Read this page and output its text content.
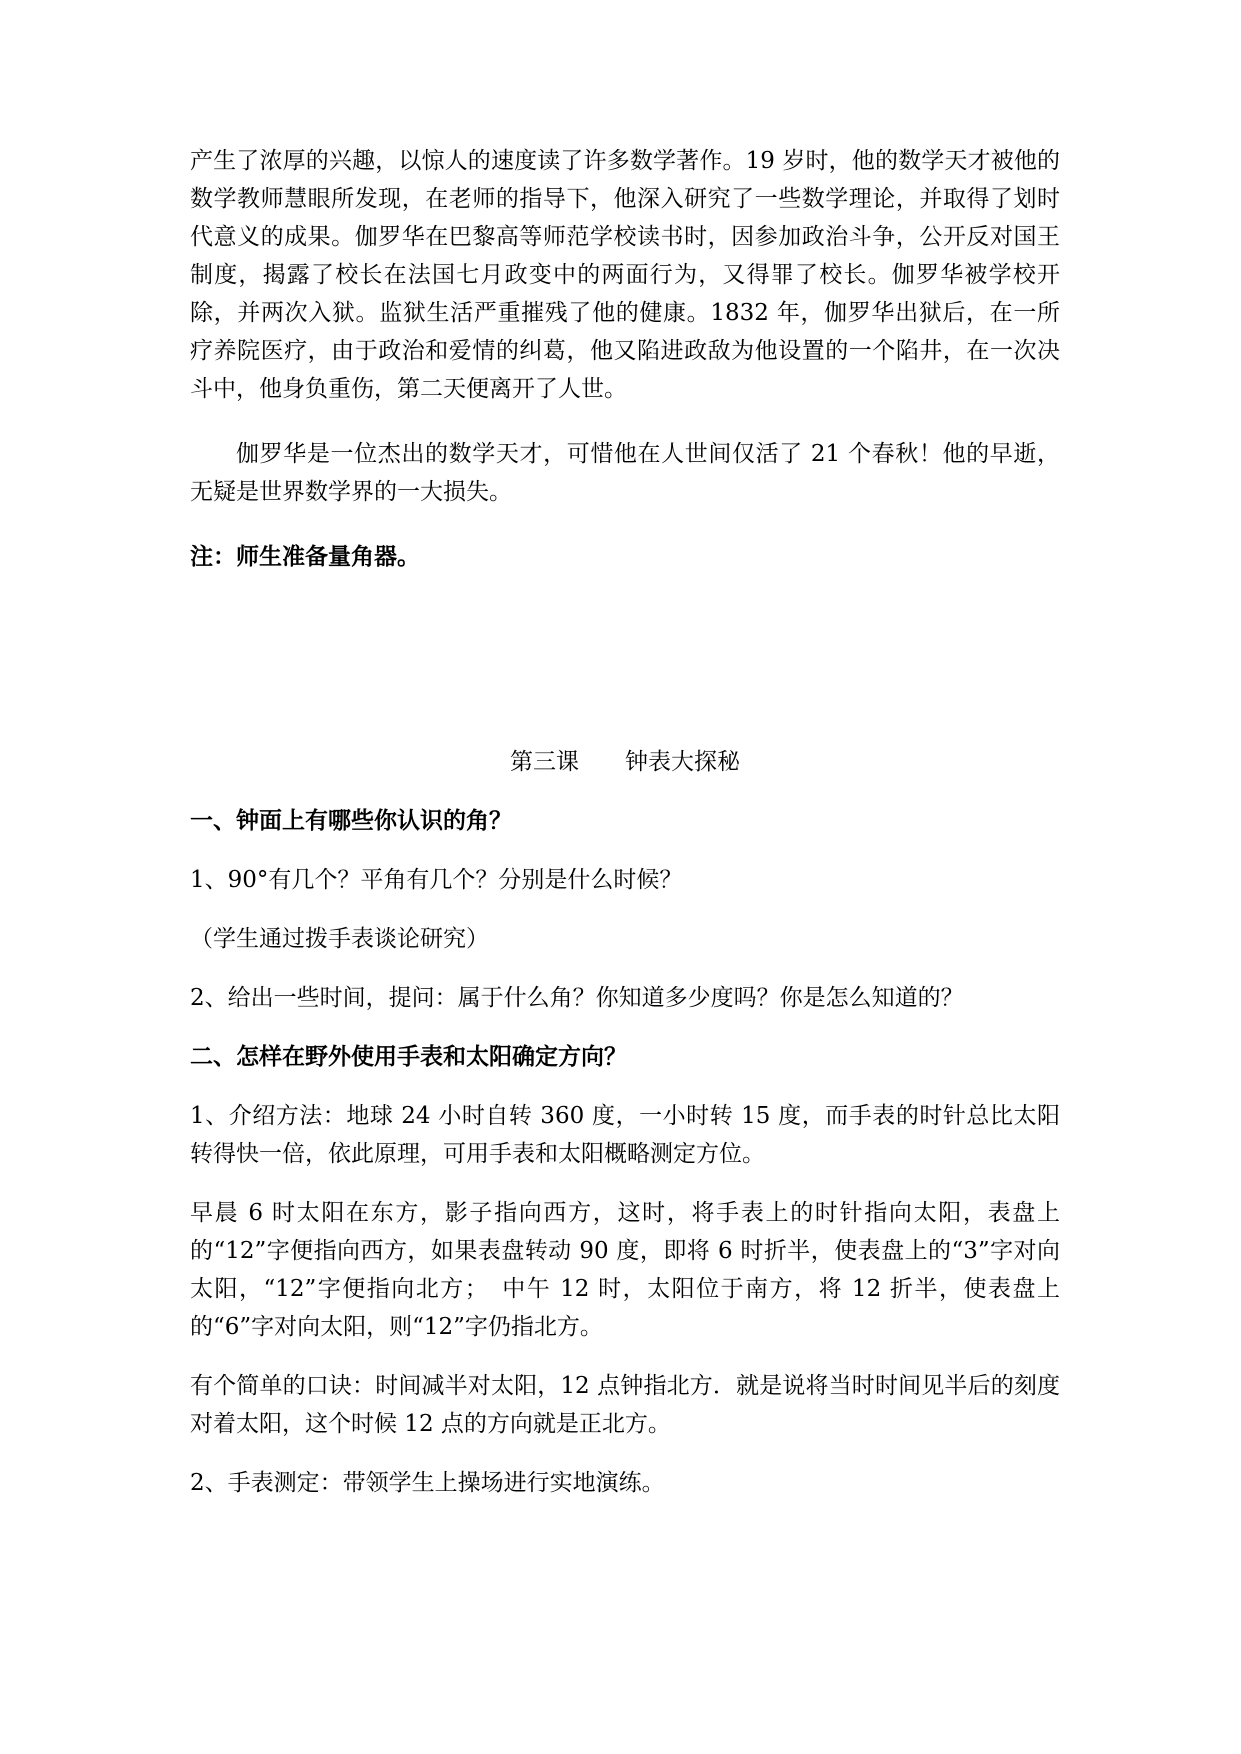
产生了浓厚的兴趣，以惊人的速度读了许多数学著作。19 岁时，他的数学天才被他的数学教师慧眼所发现，在老师的指导下，他深入研究了一些数学理论，并取得了划时代意义的成果。伽罗华在巴黎高等师范学校读书时，因参加政治斗争，公开反对国王制度，揭露了校长在法国七月政变中的两面行为，又得罪了校长。伽罗华被学校开除，并两次入狱。监狱生活严重摧残了他的健康。1832 年，伽罗华出狱后，在一所疗养院医疗，由于政治和爱情的纠葛，他又陷进政敌为他设置的一个陷井，在一次决斗中，他身负重伤，第二天便离开了人世。

伽罗华是一位杰出的数学天才，可惜他在人世间仅活了 21 个春秋！他的早逝，无疑是世界数学界的一大损失。

注：师生准备量角器。

第三课　　钟表大探秘

一、钟面上有哪些你认识的角？

1、90°有几个？平角有几个？分别是什么时候？

（学生通过拨手表谈论研究）

2、给出一些时间，提问：属于什么角？你知道多少度吗？你是怎么知道的？

二、怎样在野外使用手表和太阳确定方向？

1、介绍方法：地球 24 小时自转 360 度，一小时转 15 度，而手表的时针总比太阳转得快一倍，依此原理，可用手表和太阳概略测定方位。

早晨 6 时太阳在东方，影子指向西方，这时，将手表上的时针指向太阳，表盘上的“12”字便指向西方，如果表盘转动 90 度，即将 6 时折半，使表盘上的“3”字对向太阳，“12”字便指向北方；　中午 12 时，太阳位于南方，将 12 折半，使表盘上的“6”字对向太阳，则“12”字仍指北方。

有个简单的口诀：时间减半对太阳，12 点钟指北方．就是说将当时时间见半后的刻度对着太阳，这个时候 12 点的方向就是正北方。

2、手表测定：带领学生上操场进行实地演练。
